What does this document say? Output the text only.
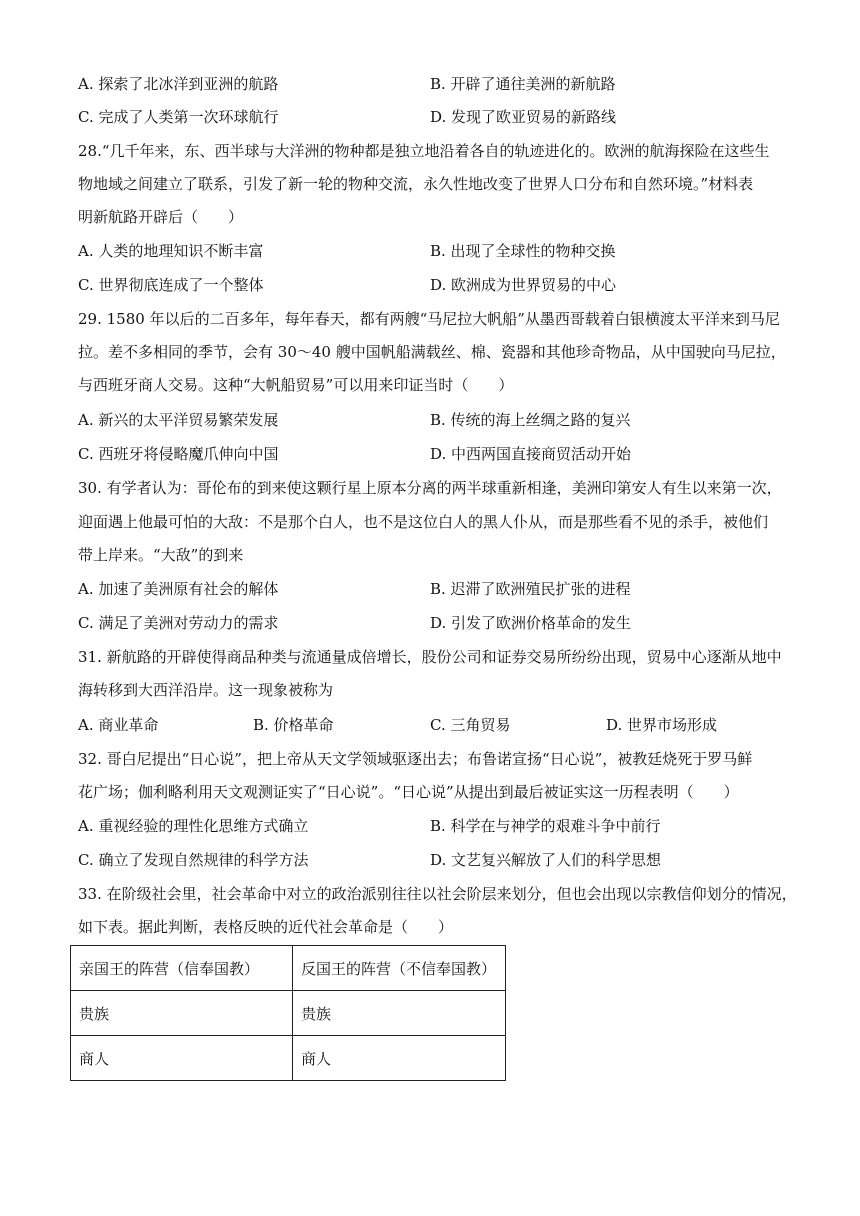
A. 探索了北冰洋到亚洲的航路	B. 开辟了通往美洲的新航路
C. 完成了人类第一次环球航行	D. 发现了欧亚贸易的新路线
28.“几千年来，东、西半球与大洋洲的物种都是独立地沿着各自的轨迹进化的。欧洲的航海探险在这些生
物地域之间建立了联系，引发了新一轮的物种交流，永久性地改变了世界人口分布和自然环境。”材料表
明新航路开辟后（　　）
A. 人类的地理知识不断丰富	B. 出现了全球性的物种交换
C. 世界彻底连成了一个整体	D. 欧洲成为世界贸易的中心
29. 1580 年以后的二百多年，每年春天，都有两艘“马尼拉大帆船”从墨西哥载着白银横渡太平洋来到马尼
拉。差不多相同的季节，会有 30～40 艘中国帆船满载丝、棉、瓷器和其他珍奇物品，从中国驶向马尼拉，
与西班牙商人交易。这种“大帆船贸易”可以用来印证当时（　　）
A. 新兴的太平洋贸易繁荣发展	B. 传统的海上丝绸之路的复兴
C. 西班牙将侵略魔爪伸向中国	D. 中西两国直接商贸活动开始
30. 有学者认为：哥伦布的到来使这颗行星上原本分离的两半球重新相逢，美洲印第安人有生以来第一次，
迎面遇上他最可怕的大敌：不是那个白人，也不是这位白人的黑人仆从，而是那些看不见的杀手，被他们
带上岸来。“大敌”的到来
A. 加速了美洲原有社会的解体	B. 迟滞了欧洲殖民扩张的进程
C. 满足了美洲对劳动力的需求	D. 引发了欧洲价格革命的发生
31. 新航路的开辟使得商品种类与流通量成倍增长，股份公司和证券交易所纷纷出现，贸易中心逐渐从地中
海转移到大西洋沿岸。这一现象被称为
A. 商业革命	B. 价格革命	C. 三角贸易	D. 世界市场形成
32. 哥白尼提出“日心说”，把上帝从天文学领域驱逐出去；布鲁诺宣扬“日心说”，被教廷烧死于罗马鲜
花广场；伽利略利用天文观测证实了“日心说”。“日心说”从提出到最后被证实这一历程表明（　　）
A. 重视经验的理性化思维方式确立	B. 科学在与神学的艰难斗争中前行
C. 确立了发现自然规律的科学方法	D. 文艺复兴解放了人们的科学思想
33. 在阶级社会里，社会革命中对立的政治派别往往以社会阶层来划分，但也会出现以宗教信仰划分的情况，
如下表。据此判断，表格反映的近代社会革命是（　　）
亲国王的阵营（信奉国教）	反国王的阵营（不信奉国教）
贵族	贵族
商人	商人
